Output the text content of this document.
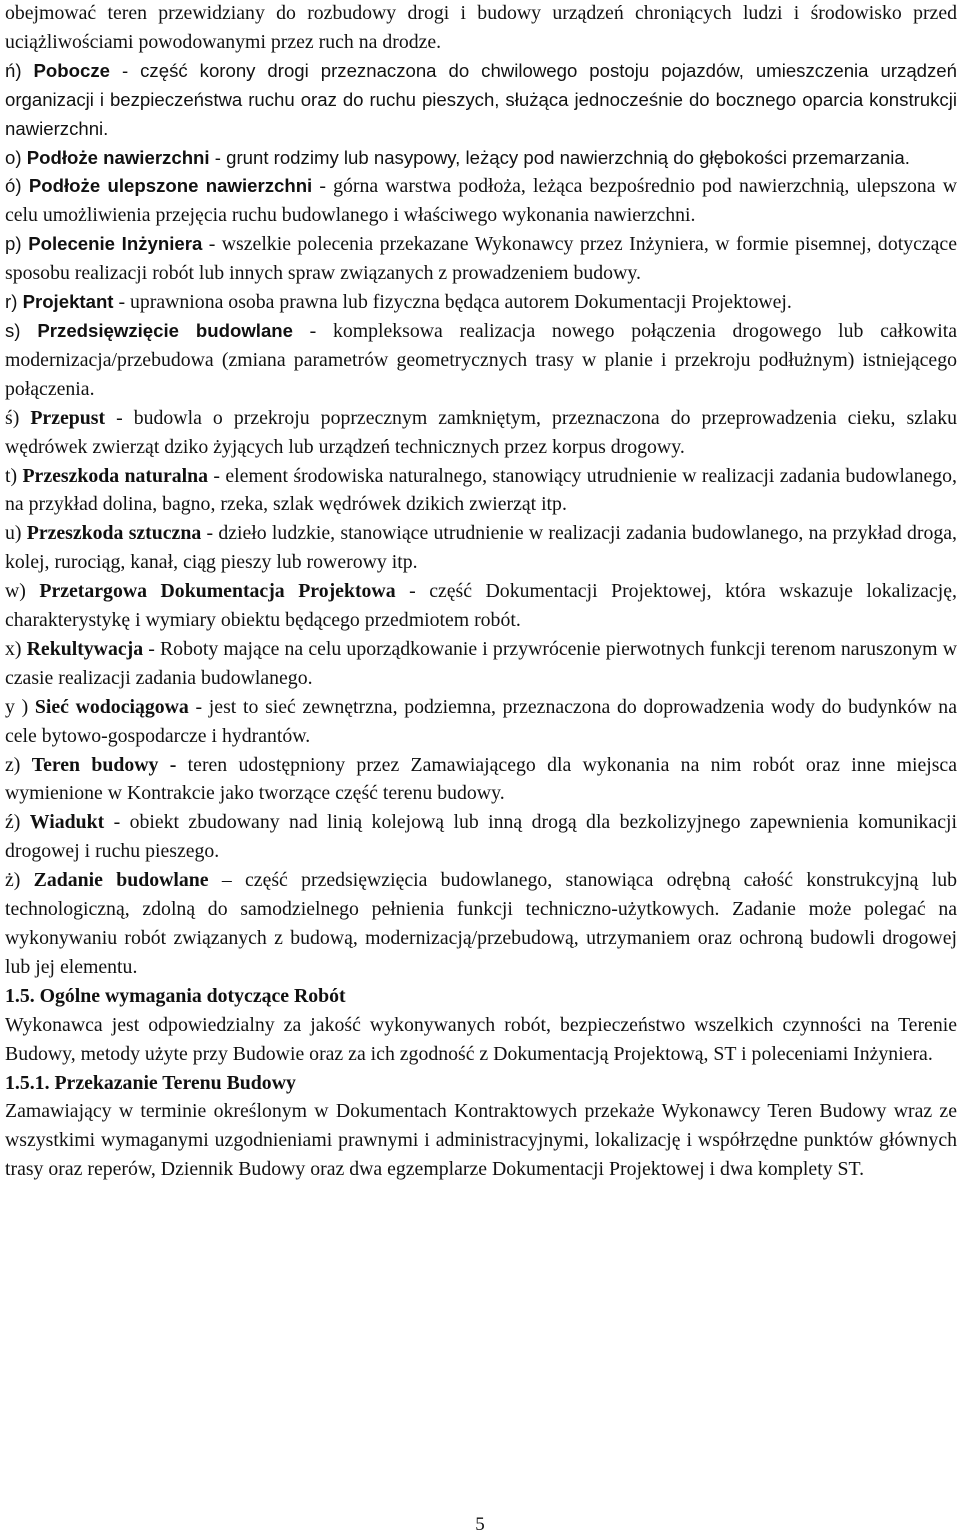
obejmować teren przewidziany do rozbudowy drogi i budowy urządzeń chroniących ludzi i środowisko przed uciążliwościami powodowanymi przez ruch na drodze.

ń) Pobocze - część korony drogi przeznaczona do chwilowego postoju pojazdów, umieszczenia urządzeń organizacji i bezpieczeństwa ruchu oraz do ruchu pieszych, służąca jednocześnie do bocznego oparcia konstrukcji nawierzchni.

o) Podłoże nawierzchni - grunt rodzimy lub nasypowy, leżący pod nawierzchnią do głębokości przemarzania.

ó) Podłoże ulepszone nawierzchni - górna warstwa podłoża, leżąca bezpośrednio pod nawierzchnią, ulepszona w celu umożliwienia przejęcia ruchu budowlanego i właściwego wykonania nawierzchni.

p) Polecenie Inżyniera - wszelkie polecenia przekazane Wykonawcy przez Inżyniera, w formie pisemnej, dotyczące sposobu realizacji robót lub innych spraw związanych z prowadzeniem budowy.

r) Projektant - uprawniona osoba prawna lub fizyczna będąca autorem Dokumentacji Projektowej.

s) Przedsięwzięcie budowlane - kompleksowa realizacja nowego połączenia drogowego lub całkowita modernizacja/przebudowa (zmiana parametrów geometrycznych trasy w planie i przekroju podłużnym) istniejącego połączenia.

ś) Przepust - budowla o przekroju poprzecznym zamkniętym, przeznaczona do przeprowadzenia cieku, szlaku wędrówek zwierząt dziko żyjących lub urządzeń technicznych przez korpus drogowy.

t) Przeszkoda naturalna - element środowiska naturalnego, stanowiący utrudnienie w realizacji zadania budowlanego, na przykład dolina, bagno, rzeka, szlak wędrówek dzikich zwierząt itp.

u) Przeszkoda sztuczna - dzieło ludzkie, stanowiące utrudnienie w realizacji zadania budowlanego, na przykład droga, kolej, rurociąg, kanał, ciąg pieszy lub rowerowy itp.

w) Przetargowa Dokumentacja Projektowa - część Dokumentacji Projektowej, która wskazuje lokalizację, charakterystykę i wymiary obiektu będącego przedmiotem robót.

x) Rekultywacja - Roboty mające na celu uporządkowanie i przywrócenie pierwotnych funkcji terenom naruszonym w czasie realizacji zadania budowlanego.

y ) Sieć wodociągowa - jest to sieć zewnętrzna, podziemna, przeznaczona do doprowadzenia wody do budynków na cele bytowo-gospodarcze i hydrantów.

z) Teren budowy - teren udostępniony przez Zamawiającego dla wykonania na nim robót oraz inne miejsca wymienione w Kontrakcie jako tworzące część terenu budowy.

ź) Wiadukt - obiekt zbudowany nad linią kolejową lub inną drogą dla bezkolizyjnego zapewnienia komunikacji drogowej i ruchu pieszego.

ż) Zadanie budowlane – część przedsięwzięcia budowlanego, stanowiąca odrębną całość konstrukcyjną lub technologiczną, zdolną do samodzielnego pełnienia funkcji techniczno-użytkowych. Zadanie może polegać na wykonywaniu robót związanych z budową, modernizacją/przebudową, utrzymaniem oraz ochroną budowli drogowej lub jej elementu.

1.5. Ogólne wymagania dotyczące Robót

Wykonawca jest odpowiedzialny za jakość wykonywanych robót, bezpieczeństwo wszelkich czynności na Terenie Budowy, metody użyte przy Budowie oraz za ich zgodność z Dokumentacją Projektową, ST i poleceniami Inżyniera.

1.5.1. Przekazanie Terenu Budowy

Zamawiający w terminie określonym w Dokumentach Kontraktowych przekaże Wykonawcy Teren Budowy wraz ze wszystkimi wymaganymi uzgodnieniami prawnymi i administracyjnymi, lokalizację i współrzędne punktów głównych trasy oraz reperów, Dziennik Budowy oraz dwa egzemplarze Dokumentacji Projektowej i dwa komplety ST.

5
